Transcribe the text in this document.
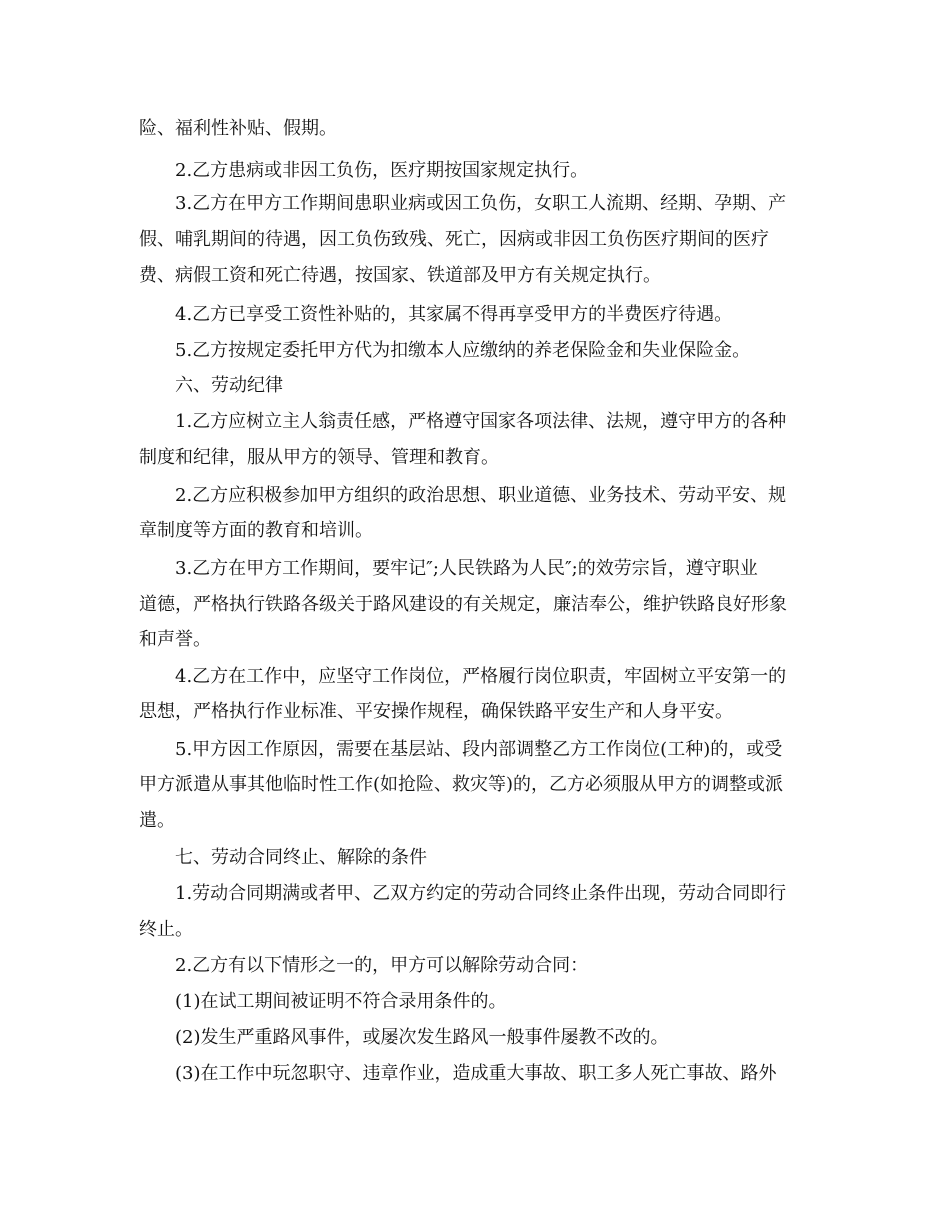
险、福利性补贴、假期。
2.乙方患病或非因工负伤，医疗期按国家规定执行。
3.乙方在甲方工作期间患职业病或因工负伤，女职工人流期、经期、孕期、产
假、哺乳期间的待遇，因工负伤致残、死亡，因病或非因工负伤医疗期间的医疗
费、病假工资和死亡待遇，按国家、铁道部及甲方有关规定执行。
4.乙方已享受工资性补贴的，其家属不得再享受甲方的半费医疗待遇。
5.乙方按规定委托甲方代为扣缴本人应缴纳的养老保险金和失业保险金。
六、劳动纪律
1.乙方应树立主人翁责任感，严格遵守国家各项法律、法规，遵守甲方的各种
制度和纪律，服从甲方的领导、管理和教育。
2.乙方应积极参加甲方组织的政治思想、职业道德、业务技术、劳动平安、规
章制度等方面的教育和培训。
3.乙方在甲方工作期间，要牢记″;人民铁路为人民″;的效劳宗旨，遵守职业
道德，严格执行铁路各级关于路风建设的有关规定，廉洁奉公，维护铁路良好形象
和声誉。
4.乙方在工作中，应坚守工作岗位，严格履行岗位职责，牢固树立平安第一的
思想，严格执行作业标准、平安操作规程，确保铁路平安生产和人身平安。
5.甲方因工作原因，需要在基层站、段内部调整乙方工作岗位(工种)的，或受
甲方派遣从事其他临时性工作(如抢险、救灾等)的，乙方必须服从甲方的调整或派
遣。
七、劳动合同终止、解除的条件
1.劳动合同期满或者甲、乙双方约定的劳动合同终止条件出现，劳动合同即行
终止。
2.乙方有以下情形之一的，甲方可以解除劳动合同：
(1)在试工期间被证明不符合录用条件的。
(2)发生严重路风事件，或屡次发生路风一般事件屡教不改的。
(3)在工作中玩忽职守、违章作业，造成重大事故、职工多人死亡事故、路外
